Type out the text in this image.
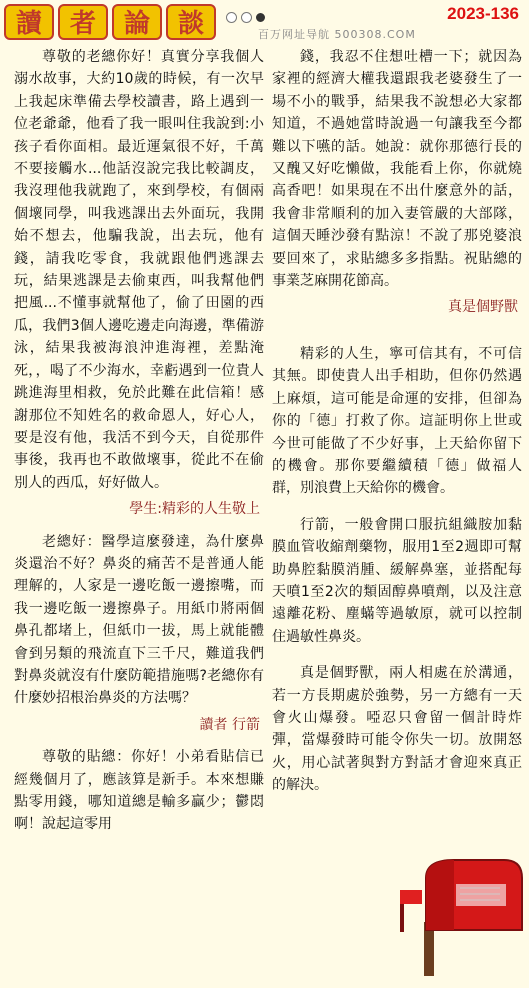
讀	者	論	談	2023-136
百万网址导航 500308.COM

尊敬的老總你好！真實分享我個人溺水故事，大約10歲的時候，有一次早上我起床準備去學校讀書，路上遇到一位老爺爺，他看了我一眼叫住我說到:小孩子看你面相。最近運氣很不好，千萬不要接觸水...他話沒說完我比較調皮，我沒理他我就跑了，來到學校，有個兩個壞同學，叫我逃課出去外面玩，我開始不想去，他騙我說，出去玩，他有錢，請我吃零食，我就跟他們逃課去玩，結果逃課是去偷東西，叫我幫他們把風...不懂事就幫他了，偷了田園的西瓜，我們3個人邊吃邊走向海邊，準備游泳，結果我被海浪沖進海裡，差點淹死，，喝了不少海水，幸虧遇到一位貴人跳進海里相救，免於此難在此信箱！感謝那位不知姓名的救命恩人，好心人，要是沒有他，我活不到今天，自從那件事後，我再也不敢做壞事，從此不在偷別人的西瓜，好好做人。

學生:精彩的人生敬上

老總好：醫學這麼發達，為什麼鼻炎還治不好？鼻炎的痛苦不是普通人能理解的，人家是一邊吃飯一邊擦嘴，而我一邊吃飯一邊擦鼻子。用紙巾將兩個鼻孔都堵上，但紙巾一拔，馬上就能體會到另類的飛流直下三千尺，難道我們對鼻炎就沒有什麼防範措施嗎?老總你有什麼妙招根治鼻炎的方法嗎？

讀者 行箭

尊敬的貼總：你好！小弟看貼信已經幾個月了，應該算是新手。本來想賺點零用錢，哪知道總是輸多贏少；鬱悶啊！說起這零用

錢，我忍不住想吐槽一下；就因為家裡的經濟大權我還跟我老婆發生了一場不小的戰爭，結果我不說想必大家都知道，不過她當時說過一句讓我至今都難以下嚥的話。她說：就你那德行長的又醜又好吃懶做，我能看上你，你就燒高香吧！如果現在不出什麼意外的話，我會非常順利的加入妻管嚴的大部隊，這個天睡沙發有點涼！不說了那兇婆浪要回來了，求貼總多多指點。祝貼總的事業芝麻開花節高。

真是個野獸

精彩的人生，寧可信其有，不可信其無。即使貴人出手相助，但你仍然遇上麻煩，這可能是命運的安排，但卻為你的「德」打救了你。這証明你上世或今世可能做了不少好事，上天給你留下的機會。那你要繼續積「德」做福人群，別浪費上天給你的機會。

行箭，一般會開口服抗組織胺加黏膜血管收縮劑藥物，服用1至2週即可幫助鼻腔黏膜消腫、緩解鼻塞，並搭配每天噴1至2次的類固醇鼻噴劑，以及注意遠離花粉、塵蟎等過敏原，就可以控制住過敏性鼻炎。

真是個野獸，兩人相處在於溝通，若一方長期處於強勢，另一方總有一天會火山爆發。啞忍只會留一個計時炸彈，當爆發時可能令你失一切。放開怒火，用心試著與對方對話才會迎來真正的解決。
